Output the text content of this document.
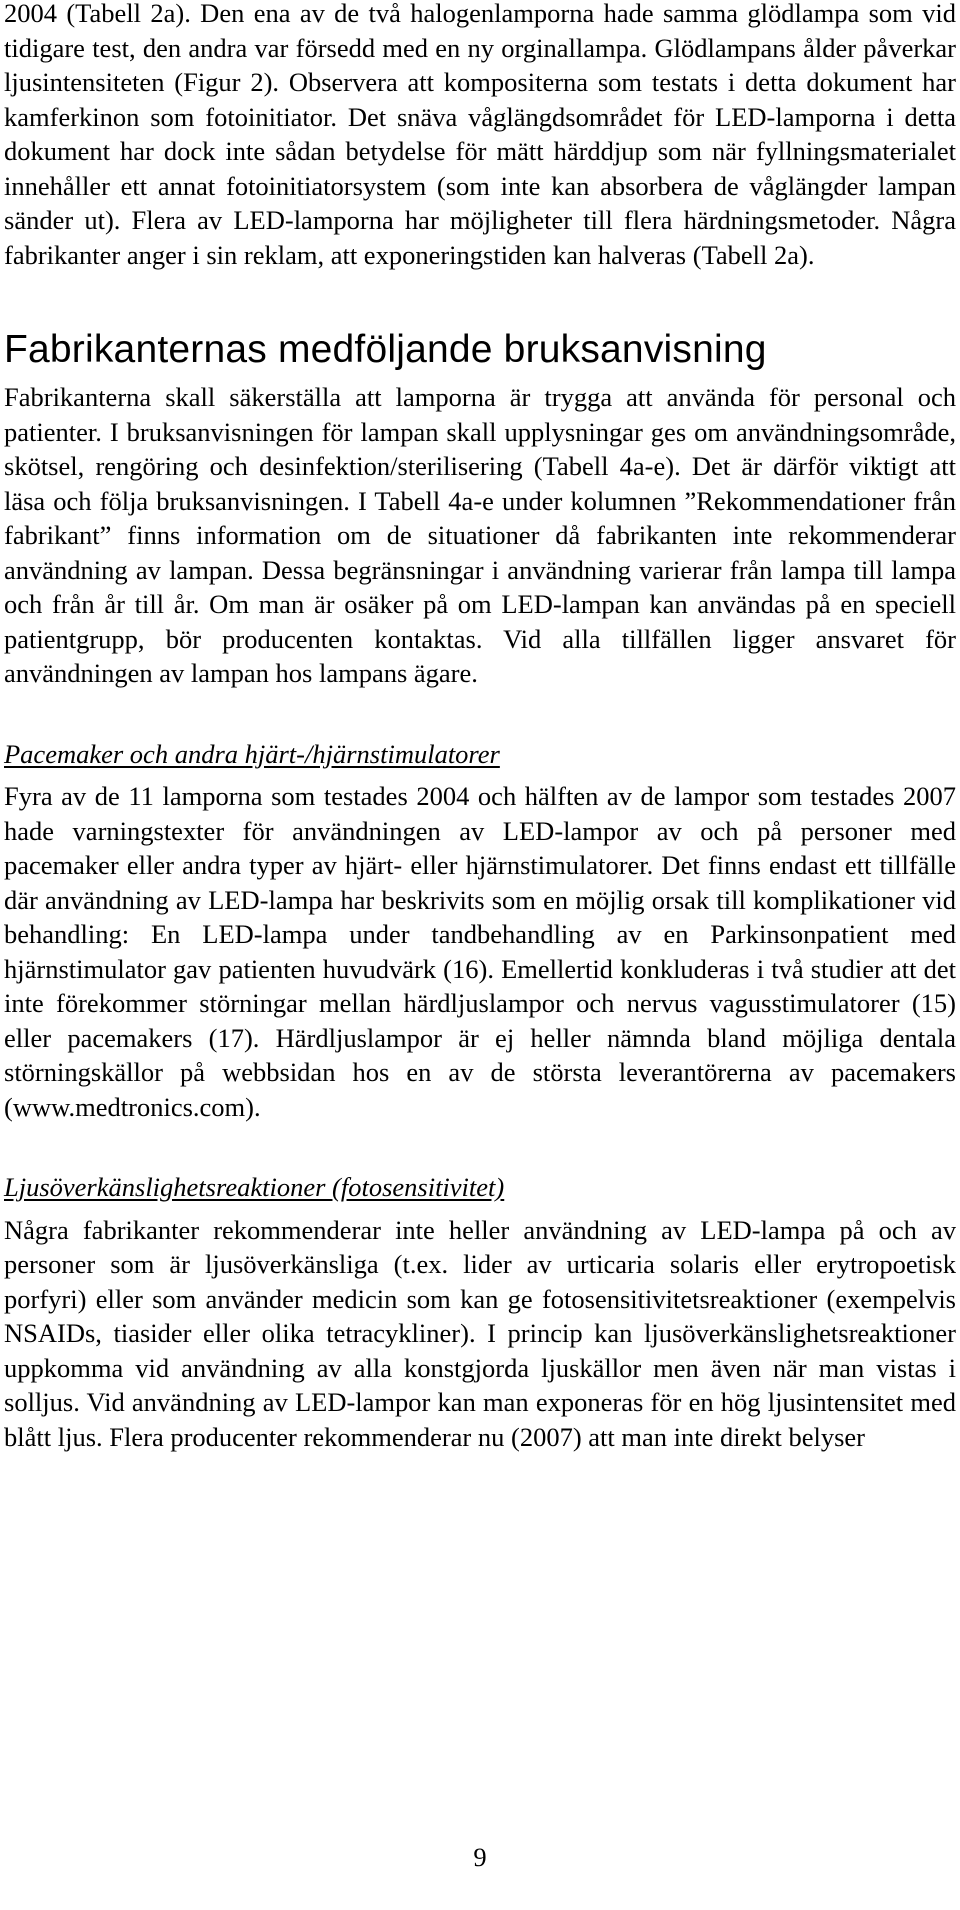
2004 (Tabell 2a). Den ena av de två halogenlamporna hade samma glödlampa som vid tidigare test, den andra var försedd med en ny orginallampa. Glödlampans ålder påverkar ljusintensiteten (Figur 2). Observera att kompositerna som testats i detta dokument har kamferkinon som fotoinitiator. Det snäva våglängdsområdet för LED-lamporna i detta dokument har dock inte sådan betydelse för mätt härddjup som när fyllningsmaterialet innehåller ett annat fotoinitiatorsystem (som inte kan absorbera de våglängder lampan sänder ut). Flera av LED-lamporna har möjligheter till flera härdningsmetoder. Några fabrikanter anger i sin reklam, att exponeringstiden kan halveras (Tabell 2a).

Fabrikanternas medföljande bruksanvisning

Fabrikanterna skall säkerställa att lamporna är trygga att använda för personal och patienter. I bruksanvisningen för lampan skall upplysningar ges om användningsområde, skötsel, rengöring och desinfektion/sterilisering (Tabell 4a-e). Det är därför viktigt att läsa och följa bruksanvisningen. I Tabell 4a-e under kolumnen ”Rekommendationer från fabrikant” finns information om de situationer då fabrikanten inte rekommenderar användning av lampan. Dessa begränsningar i användning varierar från lampa till lampa och från år till år. Om man är osäker på om LED-lampan kan användas på en speciell patientgrupp, bör producenten kontaktas. Vid alla tillfällen ligger ansvaret för användningen av lampan hos lampans ägare.

Pacemaker och andra hjärt-/hjärnstimulatorer

Fyra av de 11 lamporna som testades 2004 och hälften av de lampor som testades 2007 hade varningstexter för användningen av LED-lampor av och på personer med pacemaker eller andra typer av hjärt- eller hjärnstimulatorer. Det finns endast ett tillfälle där användning av LED-lampa har beskrivits som en möjlig orsak till komplikationer vid behandling: En LED-lampa under tandbehandling av en Parkinsonpatient med hjärnstimulator gav patienten huvudvärk (16). Emellertid konkluderas i två studier att det inte förekommer störningar mellan härdljuslampor och nervus vagusstimulatorer (15) eller pacemakers (17). Härdljuslampor är ej heller nämnda bland möjliga dentala störningskällor på webbsidan hos en av de största leverantörerna av pacemakers (www.medtronics.com).

Ljusöverkänslighetsreaktioner (fotosensitivitet)

Några fabrikanter rekommenderar inte heller användning av LED-lampa på och av personer som är ljusöverkänsliga (t.ex. lider av urticaria solaris eller erytropoetisk porfyri) eller som använder medicin som kan ge fotosensitivitetsreaktioner (exempelvis NSAIDs, tiasider eller olika tetracykliner). I princip kan ljusöverkänslighetsreaktioner uppkomma vid användning av alla konstgjorda ljuskällor men även när man vistas i solljus. Vid användning av LED-lampor kan man exponeras för en hög ljusintensitet med blått ljus. Flera producenter rekommenderar nu (2007) att man inte direkt belyser

9
